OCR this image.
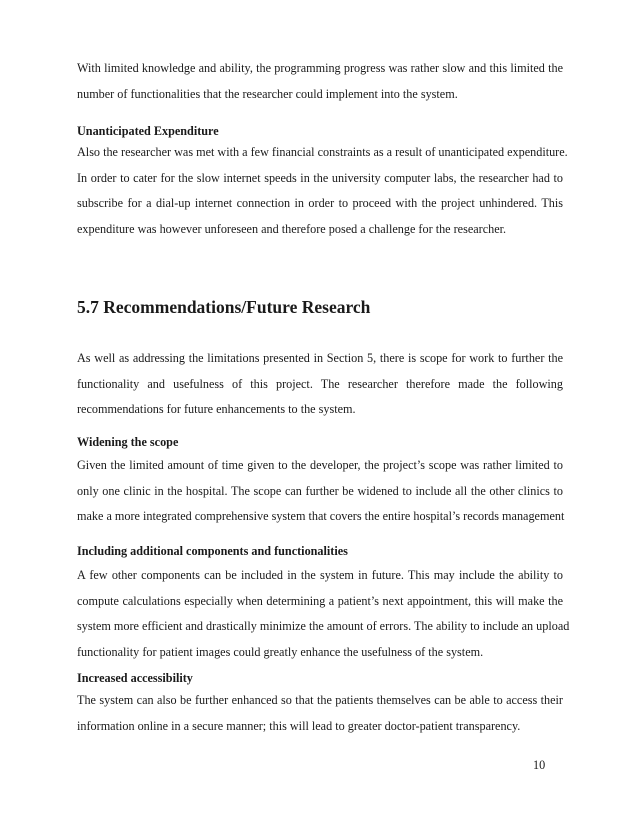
With limited knowledge and ability, the programming progress was rather slow and this limited the
number of functionalities that the researcher could implement into the system.

Unanticipated Expenditure

Also the researcher was met with a few financial constraints as a result of unanticipated expenditure.
In order to cater for the slow internet speeds in the university computer labs, the researcher had to
subscribe for a dial-up internet connection in order to proceed with the project unhindered. This
expenditure was however unforeseen and therefore posed a challenge for the researcher.
5.7 Recommendations/Future Research
As well as addressing the limitations presented in Section 5, there is scope for work to further the
functionality and usefulness of this project. The researcher therefore made the following
recommendations for future enhancements to the system.

Widening the scope

Given the limited amount of time given to the developer, the project’s scope was rather limited to
only one clinic in the hospital. The scope can further be widened to include all the other clinics to
make a more integrated comprehensive system that covers the entire hospital’s records management

Including additional components and functionalities

A few other components can be included in the system in future. This may include the ability to
compute calculations especially when determining a patient’s next appointment, this will make the
system more efficient and drastically minimize the amount of errors. The ability to include an upload
functionality for patient images could greatly enhance the usefulness of the system.

Increased accessibility

The system can also be further enhanced so that the patients themselves can be able to access their
information online in a secure manner; this will lead to greater doctor-patient transparency.
10
